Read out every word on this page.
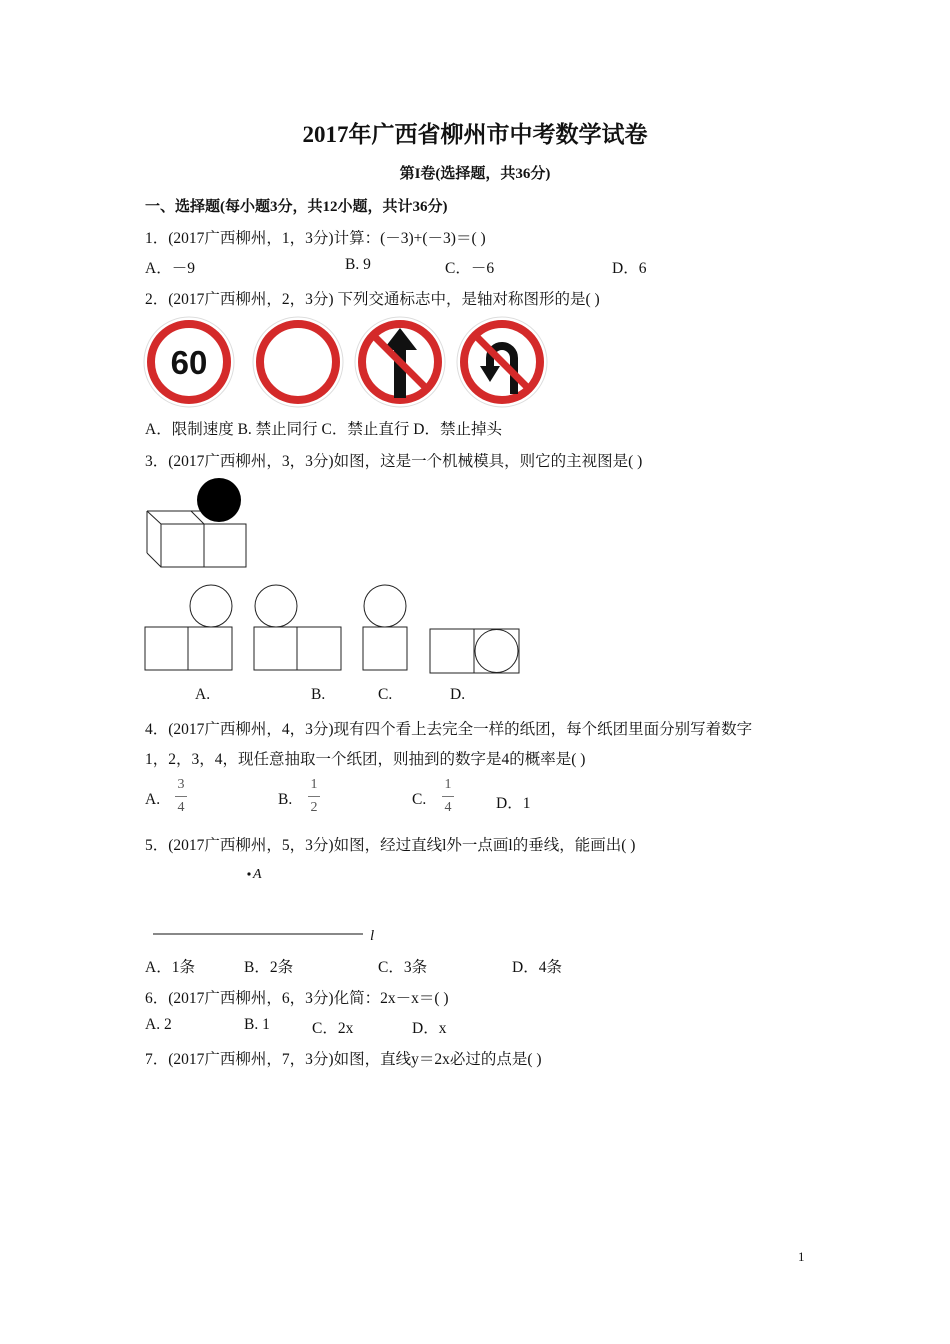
2017年广西省柳州市中考数学试卷
第I卷(选择题，共36分)
一、选择题(每小题3分，共12小题，共计36分)
1．(2017广西柳州，1，3分)计算：(－3)+(－3)＝( )
A．－9	B. 9	C．－6	D．6
2．(2017广西柳州，2，3分) 下列交通标志中，是轴对称图形的是( )
60
A．限制速度 B. 禁止同行 C．禁止直行 D．禁止掉头
3．(2017广西柳州，3，3分)如图，这是一个机械模具，则它的主视图是( )
A.	B.	C.	D.
4．(2017广西柳州，4，3分)现有四个看上去完全一样的纸团，每个纸团里面分别写着数字
1，2，3，4，现任意抽取一个纸团，则抽到的数字是4的概率是( )
A.
3
4	B.
1
2	C.
1
4	D．1
5．(2017广西柳州，5，3分)如图，经过直线l外一点画l的垂线，能画出( )
A
l
A．1条	B．2条	C．3条	D．4条
6．(2017广西柳州，6，3分)化简：2x－x＝( )
A. 2	B. 1	C．2x	D．x
7．(2017广西柳州，7，3分)如图，直线y＝2x必过的点是( )
1
